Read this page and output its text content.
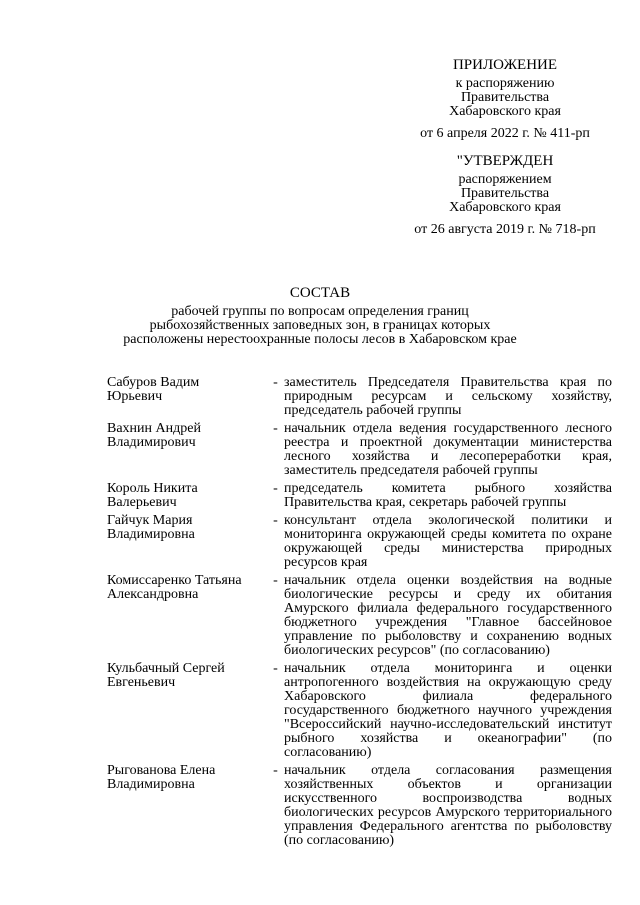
ПРИЛОЖЕНИЕ
к распоряжению
Правительства
Хабаровского края
от 6 апреля 2022 г. № 411-рп
"УТВЕРЖДЕН
распоряжением
Правительства
Хабаровского края
от 26 августа 2019 г. № 718-рп
СОСТАВ
рабочей группы по вопросам определения границ
рыбохозяйственных заповедных зон, в границах которых
расположены нерестоохранные полосы лесов в Хабаровском крае
Сабуров Вадим
Юрьевич
- заместитель Председателя Правительства края по природным ресурсам и сельскому хозяйству, председатель рабочей группы
Вахнин Андрей
Владимирович
- начальник отдела ведения государственного лесного реестра и проектной документации министерства лесного хозяйства и лесопереработки края, заместитель председателя рабочей группы
Король Никита
Валерьевич
- председатель комитета рыбного хозяйства Правительства края, секретарь рабочей группы
Гайчук Мария
Владимировна
- консультант отдела экологической политики и мониторинга окружающей среды комитета по охране окружающей среды министерства природных ресурсов края
Комиссаренко Татьяна
Александровна
- начальник отдела оценки воздействия на водные биологические ресурсы и среду их обитания Амурского филиала федерального государственного бюджетного учреждения "Главное бассейновое управление по рыболовству и сохранению водных биологических ресурсов" (по согласованию)
Кульбачный Сергей
Евгеньевич
- начальник отдела мониторинга и оценки антропогенного воздействия на окружающую среду Хабаровского филиала федерального государственного бюджетного научного учреждения "Всероссийский научно-исследовательский институт рыбного хозяйства и океанографии" (по согласованию)
Рыгованова Елена
Владимировна
- начальник отдела согласования размещения хозяйственных объектов и организации искусственного воспроизводства водных биологических ресурсов Амурского территориального управления Федерального агентства по рыболовству (по согласованию)
